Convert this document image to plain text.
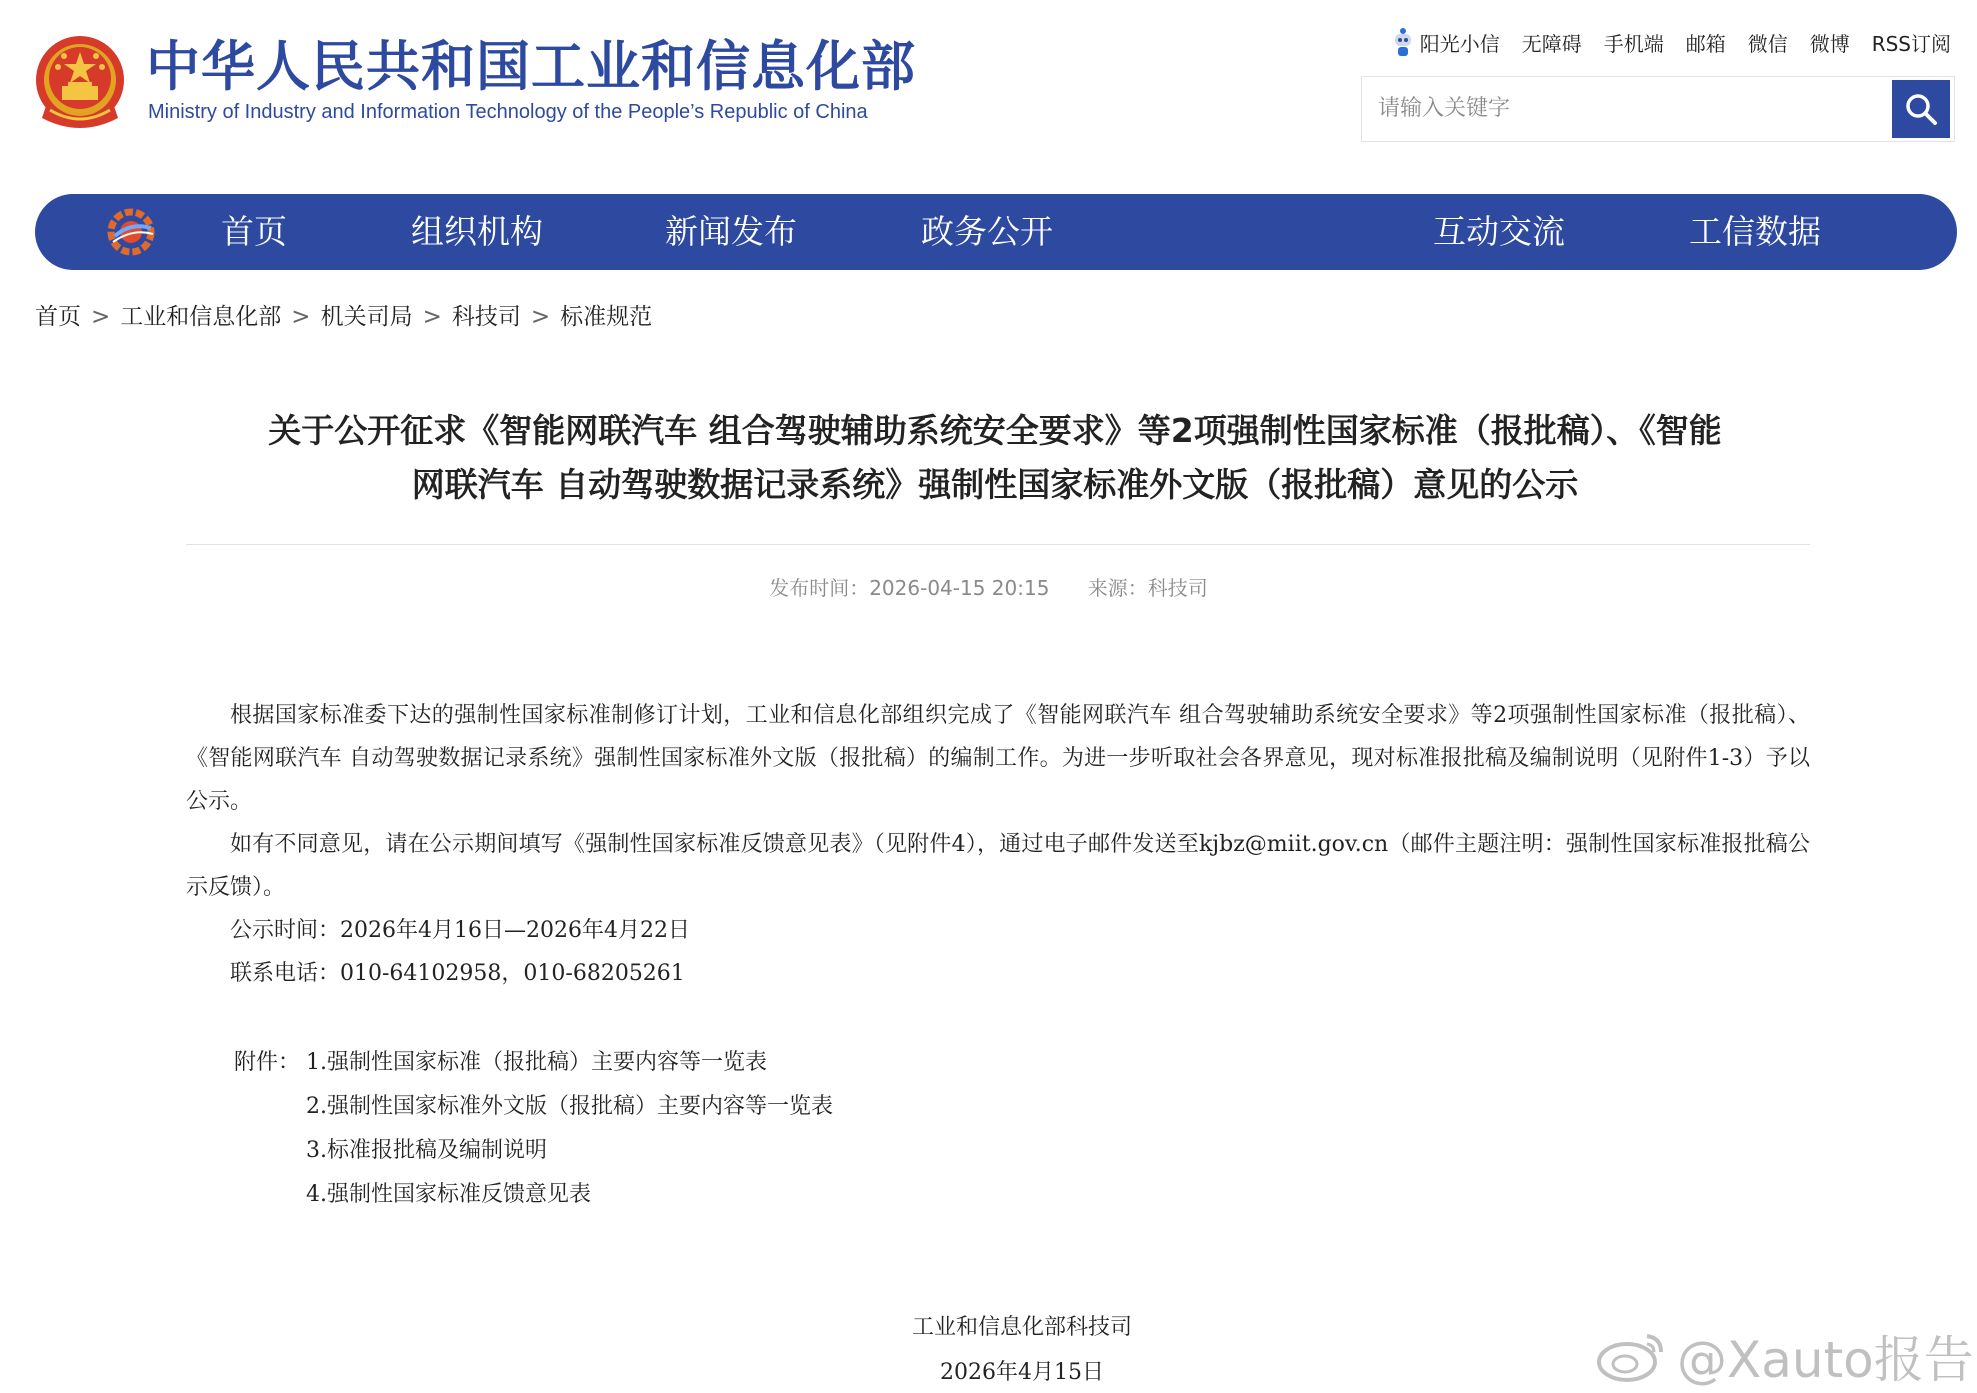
中华人民共和国工业和信息化部
Ministry of Industry and Information Technology of the People’s Republic of China
阳光小信 无障碍 手机端 邮箱 微信 微博 RSS订阅
请输入关键字
首页	组织机构	新闻发布	政务公开	互动交流	工信数据
首页 > 工业和信息化部 > 机关司局 > 科技司 > 标准规范
关于公开征求《智能网联汽车 组合驾驶辅助系统安全要求》等2项强制性国家标准（报批稿）、《智能
网联汽车 自动驾驶数据记录系统》强制性国家标准外文版（报批稿）意见的公示
发布时间：2026-04-15 20:15 来源：科技司

根据国家标准委下达的强制性国家标准制修订计划，工业和信息化部组织完成了《智能网联汽车 组合驾驶辅助系统安全要求》等2项强制性国家标准（报批稿）、《智能网联汽车 自动驾驶数据记录系统》强制性国家标准外文版（报批稿）的编制工作。为进一步听取社会各界意见，现对标准报批稿及编制说明（见附件1-3）予以公示。

如有不同意见，请在公示期间填写《强制性国家标准反馈意见表》（见附件4），通过电子邮件发送至kjbz@miit.gov.cn（邮件主题注明：强制性国家标准报批稿公示反馈）。

公示时间：2026年4月16日—2026年4月22日

联系电话：010-64102958，010-68205261

附件： 1.强制性国家标准（报批稿）主要内容等一览表
2.强制性国家标准外文版（报批稿）主要内容等一览表
3.标准报批稿及编制说明
4.强制性国家标准反馈意见表
工业和信息化部科技司
2026年4月15日	@Xauto报告
